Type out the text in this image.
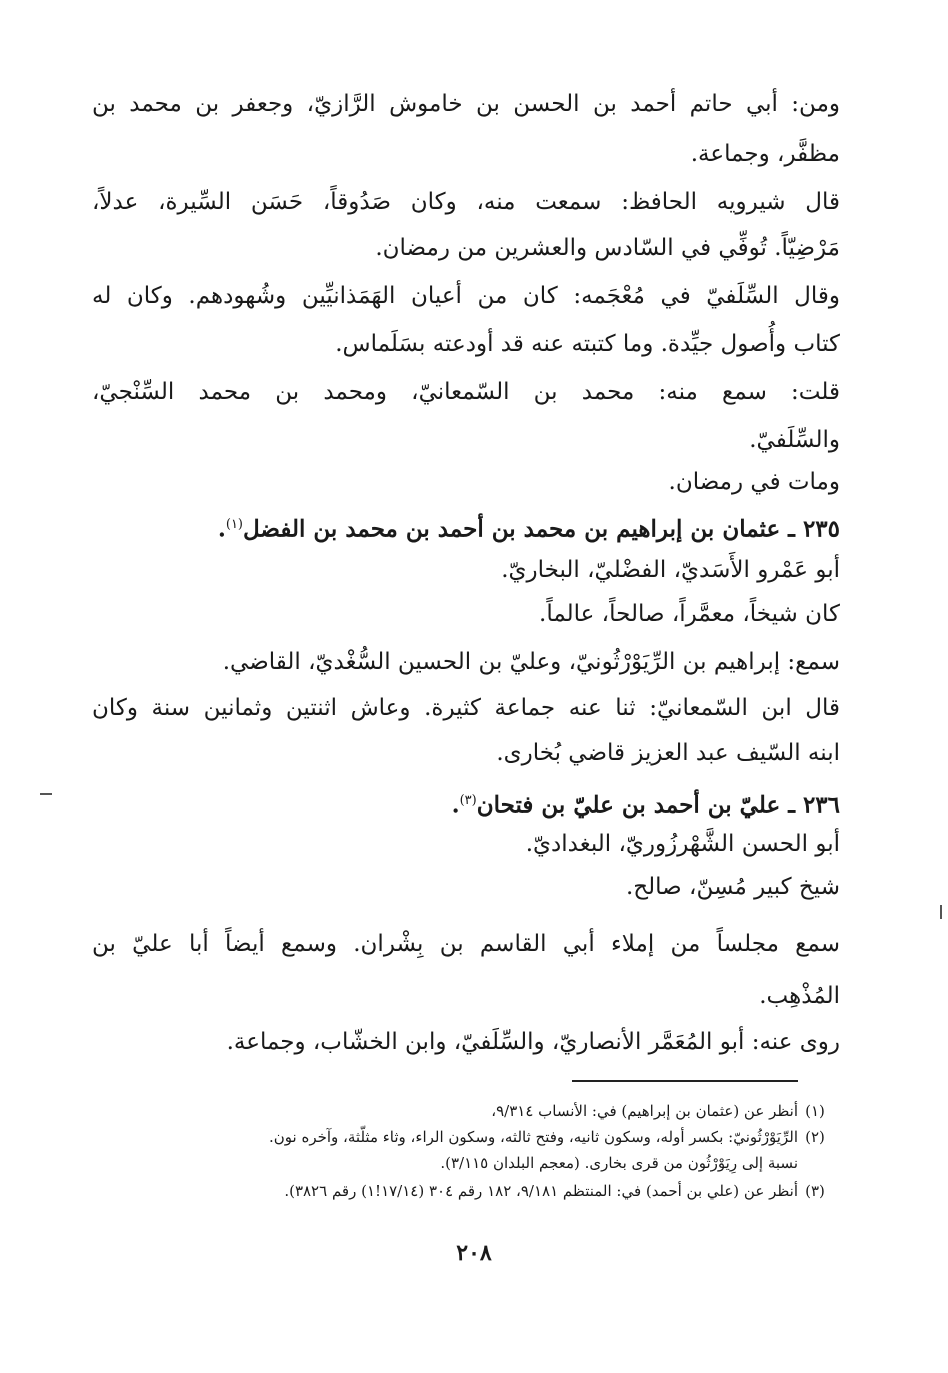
ومن: أبي حاتم أحمد بن الحسن بن خاموش الرَّازيّ، وجعفر بن محمد بن
مظفَّر، وجماعة.
قال شيرويه الحافظ: سمعت منه، وكان صَدُوقاً، حَسَن السِّيرة، عدلاً،
مَرْضِيّاً. تُوفِّي في السّادس والعشرين من رمضان.
وقال السِّلَفيّ في مُعْجَمه: كان من أعيان الهَمَذانيِّين وشُهودهم. وكان له
كتاب وأُصول جيِّدة. وما كتبته عنه قد أودعته بسَلَماس.
قلت: سمع منه: محمد بن السّمعانيّ، ومحمد بن محمد السِّنْجيّ،
والسِّلَفيّ.
ومات في رمضان.
٢٣٥ ـ عثمان بن إبراهيم بن محمد بن أحمد بن محمد بن الفضل$^{(١)}$.
أبو عَمْرو الأَسَديّ، الفضْليّ، البخاريّ.
كان شيخاً، معمَّراً، صالحاً، عالماً.
سمع: إبراهيم بن الرِّيَوْرْثُونيّ، وعليّ بن الحسين السُّغْديّ، القاضي.
قال ابن السّمعانيّ: ثنا عنه جماعة كثيرة. وعاش اثنتين وثمانين سنة وكان
ابنه السّيف عبد العزيز قاضي بُخارى.
٢٣٦ ـ عليّ بن أحمد بن عليّ بن فتحان$^{(٣)}$.
أبو الحسن الشَّهْرزُوريّ، البغداديّ.
شيخ كبير مُسِنّ، صالح.
سمع مجلساً من إملاء أبي القاسم بن بِشْران. وسمع أيضاً أبا عليّ بن
المُذْهِب.
روى عنه: أبو المُعَمَّر الأنصاريّ، والسِّلَفيّ، وابن الخشّاب، وجماعة.
(١)
أنظر عن (عثمان بن إبراهيم) في: الأنساب ٩/٣١٤،
(٢)
الرِّيَوْرْثُونيّ: بكسر أوله، وسكون ثانيه، وفتح ثالثه، وسكون الراء، وثاء مثلّثة، وآخره نون.
نسبة إلى رِيَوْرْثُون من قرى بخارى. (معجم البلدان ٣/١١٥).
(٣)
أنظر عن (علي بن أحمد) في: المنتظم ٩/١٨١، ١٨٢ رقم ٣٠٤ (١٧/١٤!١) رقم ٣٨٢٦).
٢٠٨
